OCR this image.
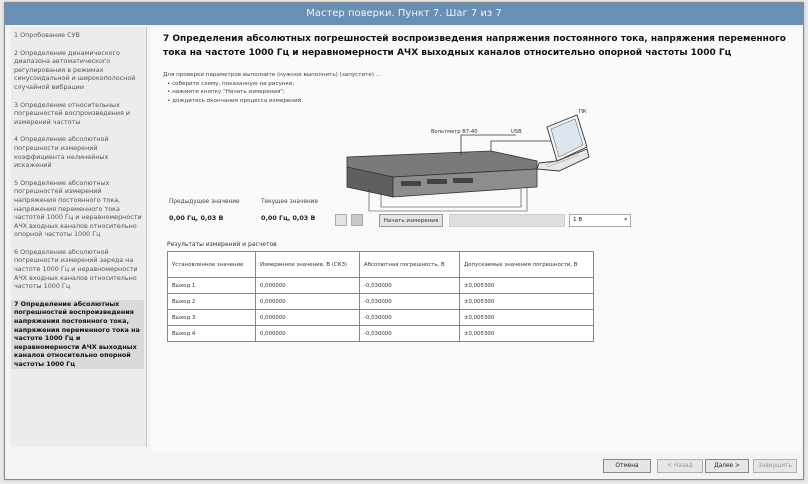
Мастер поверки. Пункт 7. Шаг 7 из 7
1 Опробование СУВ
2 Определение динамического диапазона автоматического регулирования в режимах синусоидальной и широкополосной случайной вибрации
3 Определение относительных погрешностей воспроизведения и измерений частоты
4 Определение абсолютной погрешности измерений коэффициента нелинейных искажений
5 Определение абсолютных погрешностей измерений напряжения постоянного тока, напряжения переменного тока частотой 1000 Гц и неравномерности АЧХ входных каналов относительно опорной частоты 1000 Гц
6 Определение абсолютной погрешности измерений заряда на частоте 1000 Гц и неравномерности АЧХ входных каналов относительно частоты 1000 Гц
7 Определение абсолютных погрешностей воспроизведения напряжения постоянного тока, напряжения переменного тока на частоте 1000 Гц и неравномерности АЧХ выходных каналов относительно опорной частоты 1000 Гц
7 Определения абсолютных погрешностей воспроизведения напряжения постоянного тока, напряжения переменного тока на частоте 1000 Гц и неравномерности АЧХ выходных каналов относительно опорной частоты 1000 Гц
Для проверки параметров выполните (нужное выполнить) (запустите) ...
• соберите схему, показанную на рисунке;
• нажмите кнопку "Начать измерения";
• дождитесь окончания процесса измерений.
Вольтметр В7-40	USB
ПК
Предыдущее значение
0,00 Гц, 0,03 В
Текущее значение
0,00 Гц, 0,03 В	Начать измерения	1 В	▾
Результаты измерений и расчетов
Установленное значение	Измеренное значение, В (СКЗ)	Абсолютная погрешность, В	Допускаемые значения погрешности, В
Выход 1	0,000000	-0,030000	±0,005300
Выход 2	0,000000	-0,030000	±0,005300
Выход 3	0,000000	-0,030000	±0,005300
Выход 4	0,000000	-0,030000	±0,005300
Отмена	< Назад	Далее >	Завершить
